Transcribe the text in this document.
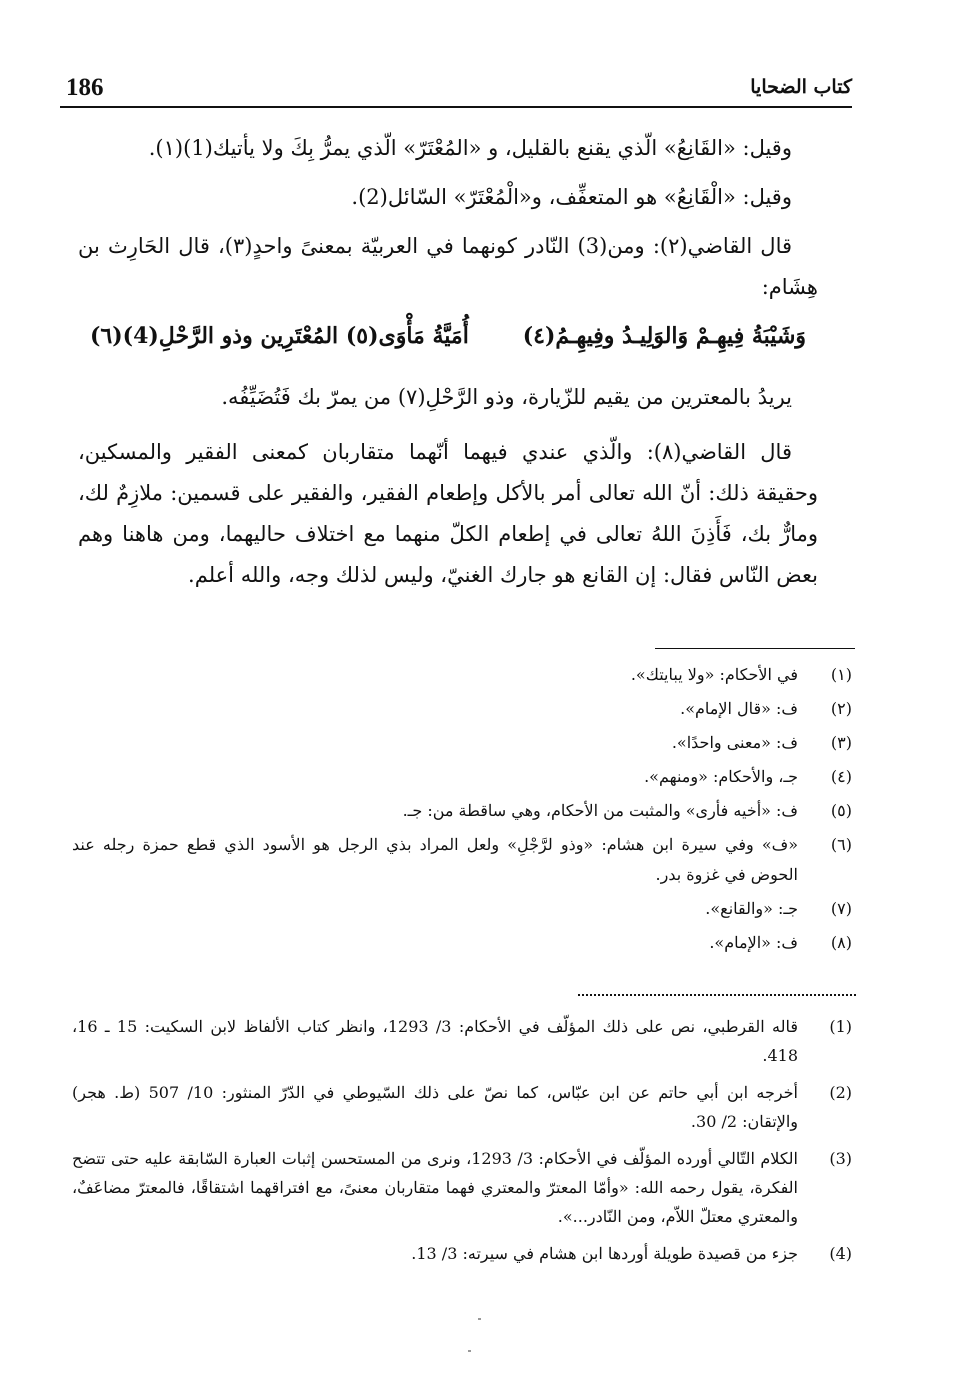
186	كتاب الضحايا

وقيل: «القَانِعُ» الّذي يقنع بالقليل، و «المُعْتَرّ» الّذي يمرُّ بِكَ ولا يأتيك(1)(١).

وقيل: «الْقَانِعُ» هو المتعفِّف، و«الْمُعْتَرّ» السّائل(2).

قال القاضي(٢): ومن(3) النّادر كونهما في العربيّة بمعنىً واحدٍ(٣)، قال الحَارِث بن هِشَام:

وَشَيْبَةُ فِيهِـمْ وَالوَلِيـدُ وفِيهِـمُ(٤)
أُمَيَّةُ مَأْوَى(٥) المُعْتَرِين وذو الرَّحْلِ(4)(٦)

يريدُ بالمعترين من يقيم للزّيارة، وذو الرَّحْلِ(٧) من يمرّ بك فَتُضَيِّفُه.

قال القاضي(٨): والّذي عندي فيهما أنّهما متقاربان كمعنى الفقير والمسكين، وحقيقة ذلك: أنّ الله تعالى أمر بالأكل وإطعام الفقير، والفقير على قسمين: ملازِمٌ لك، ومارٌّ بك، فَأَذِنَ اللهُ تعالى في إطعام الكلّ منهما مع اختلاف حاليهما، ومن هاهنا وهم بعض النّاس فقال: إن القانع هو جارك الغنيّ، وليس لذلك وجه، والله أعلم.

(١)
في الأحكام: «ولا يبايتك».
(٢)
ف: «قال الإمام».
(٣)
ف: «معنى واحدًا».
(٤)
جـ، والأحكام: «ومنهم».
(٥)
ف: «أخيه فأرى» والمثبت من الأحكام، وهي ساقطة من: جـ.
(٦)
«ف» وفي سيرة ابن هشام: «وذو لرَّجْلِ» ولعل المراد بذي الرجل هو الأسود الذي قطع حمزة رجله عند الحوض في غزوة بدر.
(٧)
جـ: «والقانع».
(٨)
ف: «الإمام».
(1)
قاله القرطبي، نص على ذلك المؤلّف في الأحكام: 3/ 1293، وانظر كتاب الألفاظ لابن السكيت: 15 ـ 16، 418.
(2)
أخرجه ابن أبي حاتم عن ابن عبّاس، كما نصّ على ذلك السّيوطي في الدّرّ المنثور: 10/ 507 (ط. هجر) والإتقان: 2/ 30.
(3)
الكلام التّالي أورده المؤلّف في الأحكام: 3/ 1293، ونرى من المستحسن إثبات العبارة السّابقة عليه حتى تتضح الفكرة، يقول رحمه الله: «وأمّا المعترّ والمعتري فهما متقاربان معنىً، مع افتراقهما اشتقاقًا، فالمعترّ مضاعَفٌ، والمعتري معتلّ اللاّم، ومن النّادر...».
(4)
جزء من قصيدة طويلة أوردها ابن هشام في سيرته: 3/ 13.
